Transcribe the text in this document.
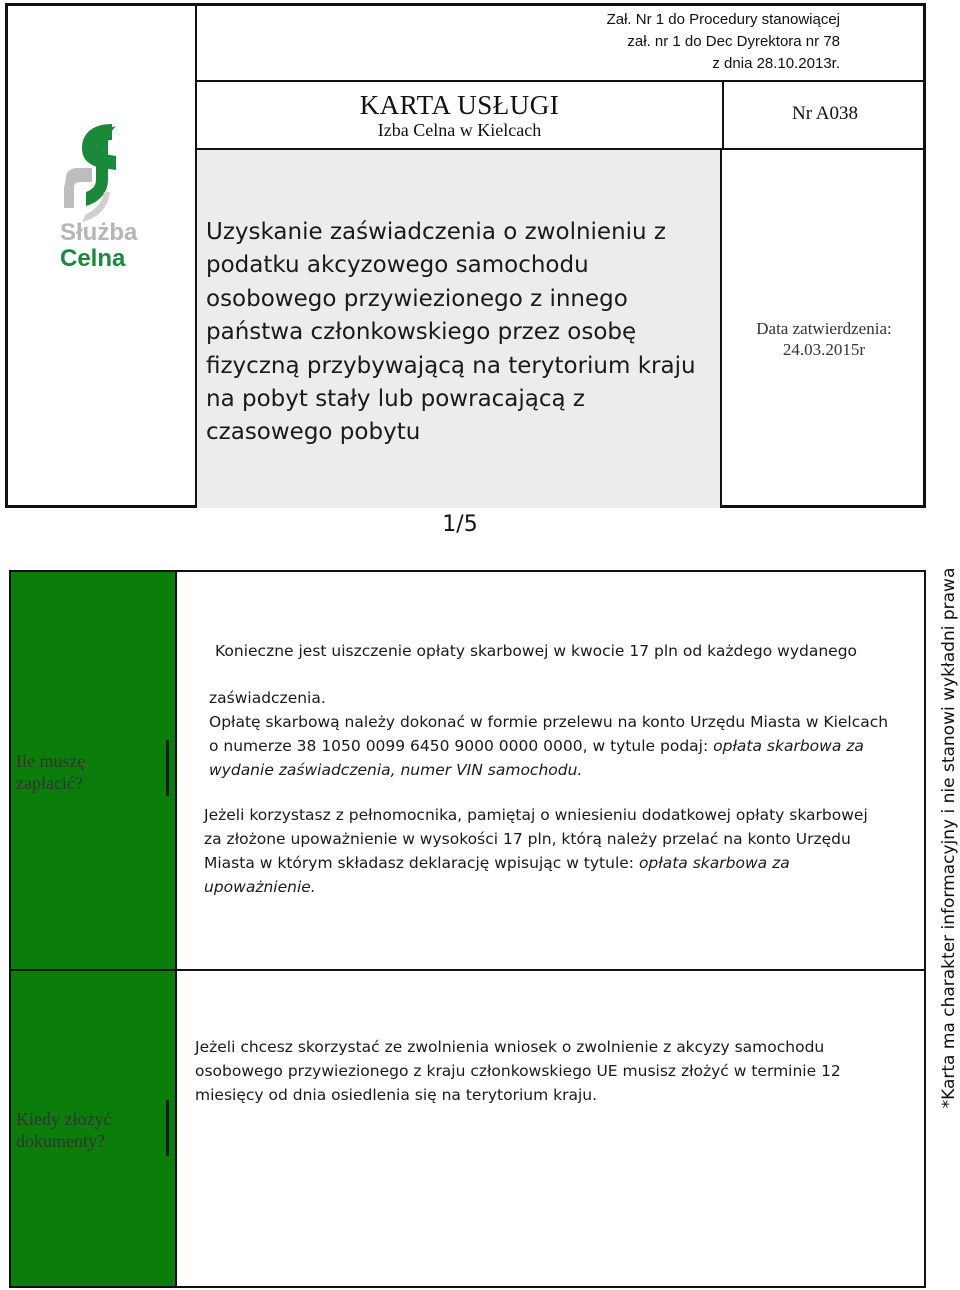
Zał. Nr 1 do Procedury stanowiącej
zał. nr 1 do Dec Dyrektora nr 78
z dnia 28.10.2013r.
KARTA USŁUGI
Izba Celna w Kielcach
Nr A038
Uzyskanie zaświadczenia o zwolnieniu z podatku akcyzowego samochodu osobowego przywiezionego z innego państwa członkowskiego przez osobę fizyczną przybywającą na terytorium kraju na pobyt stały lub powracającą z czasowego pobytu
Data zatwierdzenia:
24.03.2015r
Służba
Celna
1/5
Ile muszę zapłacić?
Kiedy złożyć dokumenty?
Konieczne jest uiszczenie opłaty skarbowej w kwocie 17 pln od każdego wydanego
zaświadczenia.
Opłatę skarbową należy dokonać w formie przelewu na konto Urzędu Miasta w Kielcach o numerze 38 1050 0099 6450 9000 0000 0000, w tytule podaj: opłata skarbowa za wydanie zaświadczenia, numer VIN samochodu.
Jeżeli korzystasz z pełnomocnika, pamiętaj o wniesieniu dodatkowej opłaty skarbowej za złożone upoważnienie w wysokości 17 pln, którą należy przelać na konto Urzędu Miasta w którym składasz deklarację wpisując w tytule: opłata skarbowa za upoważnienie.
Jeżeli chcesz skorzystać ze zwolnienia wniosek o zwolnienie z akcyzy samochodu osobowego przywiezionego z kraju członkowskiego UE musisz złożyć w terminie 12 miesięcy od dnia osiedlenia się na terytorium kraju.	*Karta ma charakter informacyjny i nie stanowi wykładni prawa
